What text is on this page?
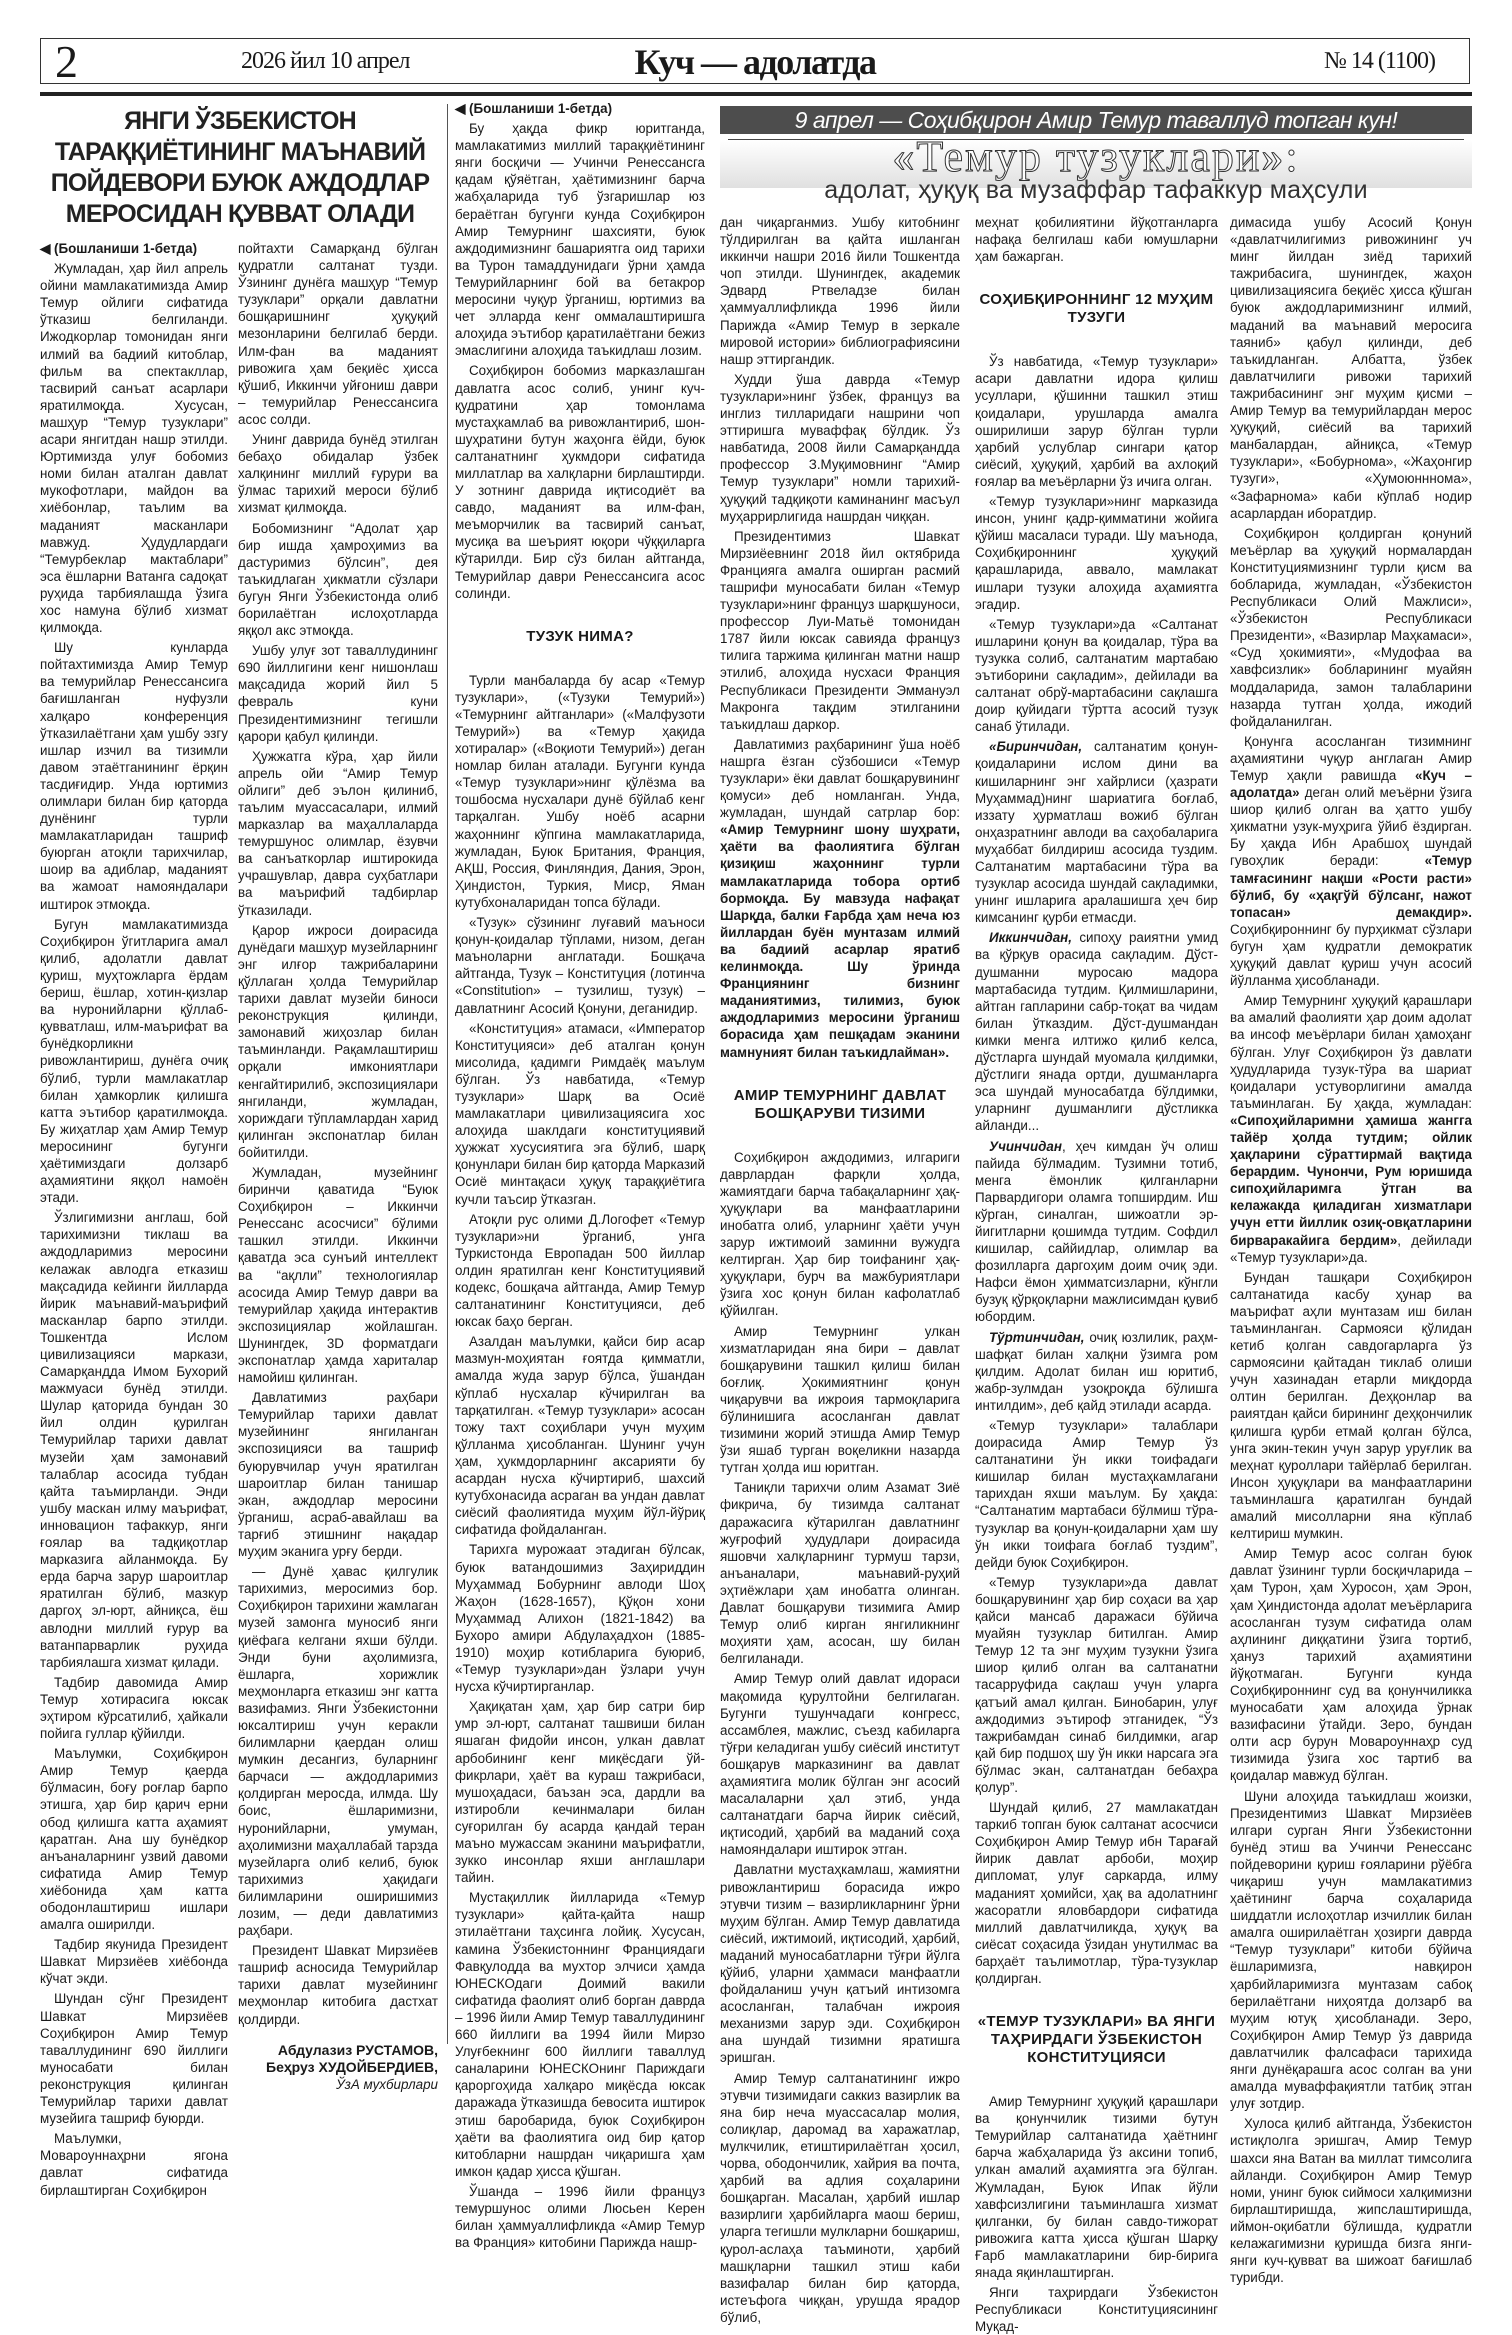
2	2026 йил 10 апрел	Куч — адолатда	№ 14 (1100)
ЯНГИ ЎЗБЕКИСТОН
ТАРАҚҚИЁТИНИНГ МАЪНАВИЙ
ПОЙДЕВОРИ БУЮК АЖДОДЛАР
МЕРОСИДАН ҚУВВАТ ОЛАДИ

◀ (Бошланиши 1-бетда)

Жумладан, ҳар йил апрель ойини мамлакатимизда Амир Темур ойлиги сифатида ўтказиш белгиланди. Ижодкорлар томонидан янги илмий ва бадиий китоблар, фильм ва спектакллар, тасвирий санъат асарлари яратилмоқда. Хусусан, машҳур “Темур тузуклари” асари янгитдан нашр этилди. Юртимизда улуғ бобомиз номи билан аталган давлат мукофотлари, майдон ва хиёбонлар, таълим ва маданият масканлари мавжуд. Ҳудудлардаги “Темурбеклар мактаблари” эса ёшларни Ватанга садоқат руҳида тарбиялашда ўзига хос намуна бўлиб хизмат қилмоқда.

Шу кунларда пойтахтимизда Амир Темур ва темурийлар Ренессансига бағишланган нуфузли халқаро конференция ўтказилаётгани ҳам ушбу эзгу ишлар изчил ва тизимли давом этаётганининг ёрқин тасдиғидир. Унда юртимиз олимлари билан бир қаторда дунёнинг турли мамлакатларидан ташриф буюрган атоқли тарихчилар, шоир ва адиблар, маданият ва жамоат намояндалари иштирок этмоқда.

Бугун мамлакатимизда Соҳибқирон ўгитларига амал қилиб, адолатли давлат қуриш, муҳтожларга ёрдам бериш, ёшлар, хотин-қизлар ва нуронийларни қўллаб-қувватлаш, илм-маърифат ва бунёдкорликни ривожлантириш, дунёга очиқ бўлиб, турли мамлакатлар билан ҳамкорлик қилишга катта эътибор қаратилмоқда. Бу жиҳатлар ҳам Амир Темур меросининг бугунги ҳаётимиздаги долзарб аҳамиятини яққол намоён этади.

Ўзлигимизни англаш, бой тарихимизни тиклаш ва аждодларимиз меросини келажак авлодга етказиш мақсадида кейинги йилларда йирик маънавий-маърифий масканлар барпо этилди. Тошкентда Ислом цивилизацияси маркази, Самарқандда Имом Бухорий мажмуаси бунёд этилди. Шулар қаторида бундан 30 йил олдин қурилган Темурийлар тарихи давлат музейи ҳам замонавий талаблар асосида тубдан қайта таъмирланди. Энди ушбу маскан илму маърифат, инновацион тафаккур, янги ғоялар ва тадқиқотлар марказига айланмоқда. Бу ерда барча зарур шароитлар яратилган бўлиб, мазкур даргоҳ эл-юрт, айниқса, ёш авлодни миллий ғурур ва ватанпарварлик руҳида тарбиялашга хизмат қилади.

Тадбир давомида Амир Темур хотирасига юксак эҳтиром кўрсатилиб, ҳайкали пойига гуллар қўйилди.

Маълумки, Соҳибқирон Амир Темур қаерда бўлмасин, боғу роғлар барпо этишга, ҳар бир қарич ерни обод қилишга катта аҳамият қаратган. Ана шу бунёдкор анъаналарнинг узвий давоми сифатида Амир Темур хиёбонида ҳам катта ободонлаштириш ишлари амалга оширилди.

Тадбир якунида Президент Шавкат Мирзиёев хиёбонда кўчат экди.

Шундан сўнг Президент Шавкат Мирзиёев Соҳибқирон Амир Темур таваллудининг 690 йиллиги муносабати билан реконструкция қилинган Темурийлар тарихи давлат музейига ташриф буюрди.

Маълумки, Мовароуннаҳрни ягона давлат сифатида бирлаштирган Соҳибқирон

пойтахти Самарқанд бўлган қудратли салтанат тузди. Ўзининг дунёга машҳур “Темур тузуклари” орқали давлатни бошқаришнинг ҳуқуқий мезонларини белгилаб берди. Илм-фан ва маданият ривожига ҳам беқиёс ҳисса қўшиб, Иккинчи уйғониш даври – темурийлар Ренессансига асос солди.

Унинг даврида бунёд этилган бебаҳо обидалар ўзбек халқининг миллий ғурури ва ўлмас тарихий мероси бўлиб хизмат қилмоқда.

Бобомизнинг “Адолат ҳар бир ишда ҳамроҳимиз ва дастуримиз бўлсин”, дея таъкидлаган ҳикматли сўзлари бугун Янги Ўзбекистонда олиб борилаётган ислоҳотларда яққол акс этмоқда.

Ушбу улуғ зот таваллудининг 690 йиллигини кенг нишонлаш мақсадида жорий йил 5 февраль куни Президентимизнинг тегишли қарори қабул қилинди.

Ҳужжатга кўра, ҳар йили апрель ойи “Амир Темур ойлиги” деб эълон қилиниб, таълим муассасалари, илмий марказлар ва маҳаллаларда темуршунос олимлар, ёзувчи ва санъаткорлар иштирокида учрашувлар, давра суҳбатлари ва маърифий тадбирлар ўтказилади.

Қарор ижроси доирасида дунёдаги машҳур музейларнинг энг илғор тажрибаларини қўллаган ҳолда Темурийлар тарихи давлат музейи биноси реконструкция қилинди, замонавий жиҳозлар билан таъминланди. Рақамлаштириш орқали имкониятлари кенгайтирилиб, экспозициялари янгиланди, жумладан, хориждаги тўпламлардан харид қилинган экспонатлар билан бойитилди.

Жумладан, музейнинг биринчи қаватида “Буюк Соҳибқирон – Иккинчи Ренессанс асосчиси” бўлими ташкил этилди. Иккинчи қаватда эса сунъий интеллект ва “ақлли” технологиялар асосида Амир Темур даври ва темурийлар ҳақида интерактив экспозициялар жойлашган. Шунингдек, 3D форматдаги экспонатлар ҳамда хариталар намойиш қилинган.

Давлатимиз раҳбари Темурийлар тарихи давлат музейининг янгиланган экспозицияси ва ташриф буюрувчилар учун яратилган шароитлар билан танишар экан, аждодлар меросини ўрганиш, асраб-авайлаш ва тарғиб этишнинг нақадар муҳим эканига урғу берди.

— Дунё ҳавас қилгулик тарихимиз, меросимиз бор. Соҳибқирон тарихини жамлаган музей замонга муносиб янги қиёфага келгани яхши бўлди. Энди буни аҳолимизга, ёшларга, хорижлик меҳмонларга етказиш энг катта вазифамиз. Янги Ўзбекистонни юксалтириш учун керакли билимларни қаердан олиш мумкин десангиз, буларнинг барчаси — аждодларимиз қолдирган меросда, илмда. Шу боис, ёшларимизни, нуронийларни, умуман, аҳолимизни маҳаллабай тарзда музейларга олиб келиб, буюк тарихимиз ҳақидаги билимларини оширишимиз лозим, — деди давлатимиз раҳбари.

Президент Шавкат Мирзиёев ташриф асносида Темурийлар тарихи давлат музейининг меҳмонлар китобига дастхат қолдирди.

Абдулазиз РУСТАМОВ,
Беҳруз ХУДОЙБЕРДИЕВ,
ЎзА мухбирлари

9 апрел — Соҳибқирон Амир Темур таваллуд топган кун!
«Темур тузуклари»:
адолат, ҳуқуқ ва музаффар тафаккур маҳсули

◀ (Бошланиши 1-бетда)

Бу ҳақда фикр юритганда, мамлакатимиз миллий тараққиётининг янги босқичи — Учинчи Ренессансга қадам қўяётган, ҳаётимизнинг барча жабҳаларида туб ўзгаришлар юз бераётган бугунги кунда Соҳибқирон Амир Темурнинг шахсияти, буюк аждодимизнинг башариятга оид тарихи ва Турон тамаддунидаги ўрни ҳамда Темурийларнинг бой ва бетакрор меросини чуқур ўрганиш, юртимиз ва чет элларда кенг оммалаштиришга алоҳида эътибор қаратилаётгани бежиз эмаслигини алоҳида таъкидлаш лозим.

Соҳибқирон бобомиз марказлашган давлатга асос солиб, унинг куч-қудратини ҳар томонлама мустаҳкамлаб ва ривожлантириб, шон-шуҳратини бутун жаҳонга ёйди, буюк салтанатнинг ҳукмдори сифатида миллатлар ва халқларни бирлаштирди. У зотнинг даврида иқтисодиёт ва савдо, маданият ва илм-фан, меъморчилик ва тасвирий санъат, мусиқа ва шеърият юқори чўққиларга кўтарилди. Бир сўз билан айтганда, Темурийлар даври Ренессансига асос солинди.

ТУЗУК НИМА?

Турли манбаларда бу асар «Темур тузуклари», («Тузуки Темурий») «Темурнинг айтганлари» («Малфузоти Темурий») ва «Темур ҳақида хотиралар» («Воқиоти Темурий») деган номлар билан аталади. Бугунги кунда «Темур тузуклари»нинг қўлёзма ва тошбосма нусхалари дунё бўйлаб кенг тарқалган. Ушбу ноёб асарни жаҳоннинг кўпгина мамлакатларида, жумладан, Буюк Британия, Франция, АҚШ, Россия, Финляндия, Дания, Эрон, Ҳиндистон, Туркия, Миср, Яман кутубхоналаридан топса бўлади.

«Тузук» сўзининг луғавий маъноси қонун-қоидалар тўплами, низом, деган маъноларни англатади. Бошқача айтганда, Тузук – Конституция (лотинча «Constitution» – тузилиш, тузук) – давлатнинг Асосий Қонуни, деганидир.

«Конституция» атамаси, «Император Конституцияси» деб аталган қонун мисолида, қадимги Римдаёқ маълум бўлган. Ўз навбатида, «Темур тузуклари» Шарқ ва Осиё мамлакатлари цивилизациясига хос алоҳида шаклдаги конституциявий ҳужжат хусусиятига эга бўлиб, шарқ қонунлари билан бир қаторда Марказий Осиё минтақаси ҳуқуқ тараққиётига кучли таъсир ўтказган.

Атоқли рус олими Д.Логофет «Темур тузуклари»ни ўрганиб, унга Туркистонда Европадан 500 йиллар олдин яратилган кенг Конституциявий кодекс, бошқача айтганда, Амир Темур салтанатининг Конституцияси, деб юксак баҳо берган.

Азалдан маълумки, қайси бир асар мазмун-моҳиятан ғоятда қимматли, амалда жуда зарур бўлса, ўшандан кўплаб нусхалар кўчирилган ва тарқатилган. «Темур тузуклари» асосан тожу тахт соҳиблари учун муҳим қўлланма ҳисобланган. Шунинг учун ҳам, ҳукмдорларнинг аксарияти бу асардан нусха кўчиртириб, шахсий кутубхонасида асраган ва ундан давлат сиёсий фаолиятида муҳим йўл-йўриқ сифатида фойдаланган.

Тарихга мурожаат этадиган бўлсак, буюк ватандошимиз Заҳириддин Муҳаммад Бобурнинг авлоди Шоҳ Жаҳон (1628-1657), Қўқон хони Муҳаммад Алихон (1821-1842) ва Бухоро амири Абдулаҳадхон (1885-1910) моҳир котибларига буюриб, «Темур тузуклари»дан ўзлари учун нусха кўчиртирганлар.

Ҳақиқатан ҳам, ҳар бир сатри бир умр эл-юрт, салтанат ташвиши билан яшаган фидойи инсон, улкан давлат арбобининг кенг миқёсдаги ўй-фикрлари, ҳаёт ва кураш тажрибаси, мушоҳадаси, баъзан эса, дардли ва изтиробли кечинмалари билан суғорилган бу асарда қандай теран маъно мужассам эканини маърифатли, зукко инсонлар яхши англашлари тайин.

Мустақиллик йилларида «Темур тузуклари» қайта-қайта нашр этилаётгани таҳсинга лойиқ. Хусусан, камина Ўзбекистоннинг Франциядаги Фавқулодда ва мухтор элчиси ҳамда ЮНЕСКОдаги Доимий вакили сифатида фаолият олиб борган даврда – 1996 йили Амир Темур таваллудининг 660 йиллиги ва 1994 йили Мирзо Улуғбекнинг 600 йиллиги таваллуд саналарини ЮНЕСКОнинг Париждаги қароргоҳида халқаро миқёсда юксак даражада ўтказишда бевосита иштирок этиш баробарида, буюк Соҳибқирон ҳаёти ва фаолиятига оид бир қатор китобларни нашрдан чиқаришга ҳам имкон қадар ҳисса қўшган.

Ўшанда – 1996 йили француз темуршунос олими Люсьен Керен билан ҳаммуаллифликда «Амир Темур ва Франция» китобини Парижда нашр-

дан чиқарганмиз. Ушбу китобнинг тўлдирилган ва қайта ишланган иккинчи нашри 2016 йили Тошкентда чоп этилди. Шунингдек, академик Эдвард Ртвеладзе билан ҳаммуаллифликда 1996 йили Парижда «Амир Темур в зеркале мировой истории» библиографиясини нашр эттиргандик.

Худди ўша даврда «Темур тузуклари»нинг ўзбек, француз ва инглиз тилларидаги нашрини чоп эттиришга муваффақ бўлдик. Ўз навбатида, 2008 йили Самарқандда профессор З.Муқимовнинг “Амир Темур тузуклари” номли тарихий-ҳуқуқий тадқиқоти каминанинг масъул муҳаррирлигида нашрдан чиққан.

Президентимиз Шавкат Мирзиёевнинг 2018 йил октябрида Францияга амалга оширган расмий ташрифи муносабати билан «Темур тузуклари»нинг француз шарқшуноси, профессор Луи-Матьё томонидан 1787 йили юксак савияда француз тилига таржима қилинган матни нашр этилиб, алоҳида нусхаси Франция Республикаси Президенти Эммануэл Макронга тақдим этилганини таъкидлаш даркор.

Давлатимиз раҳбарининг ўша ноёб нашрга ёзган сўзбошиси «Темур тузуклари» ёки давлат бошқарувининг қомуси» деб номланган. Унда, жумладан, шундай сатрлар бор: «Амир Темурнинг шону шуҳрати, ҳаёти ва фаолиятига бўлган қизиқиш жаҳоннинг турли мамлакатларида тобора ортиб бормоқда. Бу мавзуда нафақат Шарқда, балки Ғарбда ҳам неча юз йиллардан буён мунтазам илмий ва бадиий асарлар яратиб келинмоқда. Шу ўринда Франциянинг бизнинг маданиятимиз, тилимиз, буюк аждодларимиз меросини ўрганиш борасида ҳам пешқадам эканини мамнуният билан таъкидлайман».

АМИР ТЕМУРНИНГ ДАВЛАТ БОШҚАРУВИ ТИЗИМИ

Соҳибқирон аждодимиз, илгариги даврлардан фарқли ҳолда, жамиятдаги барча табақаларнинг ҳақ-ҳуқуқлари ва манфаатларини инобатга олиб, уларнинг ҳаёти учун зарур ижтимоий заминни вужудга келтирган. Ҳар бир тоифанинг ҳақ-ҳуқуқлари, бурч ва мажбуриятлари ўзига хос қонун билан кафолатлаб қўйилган.

Амир Темурнинг улкан хизматларидан яна бири – давлат бошқарувини ташкил қилиш билан боғлиқ. Ҳокимиятнинг қонун чиқарувчи ва ижроия тармоқларига бўлинишига асосланган давлат тизимини жорий этишда Амир Темур ўзи яшаб турган воқеликни назарда тутган ҳолда иш юритган.

Таниқли тарихчи олим Азамат Зиё фикрича, бу тизимда салтанат даражасига кўтарилган давлатнинг жуғрофий ҳудудлари доирасида яшовчи халқларнинг турмуш тарзи, анъаналари, маънавий-руҳий эҳтиёжлари ҳам инобатга олинган. Давлат бошқаруви тизимига Амир Темур олиб кирган янгиликнинг моҳияти ҳам, асосан, шу билан белгиланади.

Амир Темур олий давлат идораси мақомида қурултойни белгилаган. Бугунги тушунчадаги конгресс, ассамблея, мажлис, съезд кабиларга тўғри келадиган ушбу сиёсий институт бошқарув марказининг ва давлат аҳамиятига молик бўлган энг асосий масалаларни ҳал этиб, унда салтанатдаги барча йирик сиёсий, иқтисодий, ҳарбий ва маданий соҳа намояндалари иштирок этган.

Давлатни мустаҳкамлаш, жамиятни ривожлантириш борасида ижро этувчи тизим – вазирликларнинг ўрни муҳим бўлган. Амир Темур давлатида сиёсий, ижтимоий, иқтисодий, ҳарбий, маданий муносабатларни тўғри йўлга қўйиб, уларни ҳаммаси манфаатли фойдаланиш учун қатъий интизомга асосланган, талабчан ижроия механизми зарур эди. Соҳибқирон ана шундай тизимни яратишга эришган.

Амир Темур салтанатининг ижро этувчи тизимидаги саккиз вазирлик ва яна бир неча муассасалар молия, солиқлар, даромад ва харажатлар, мулкчилик, етиштирилаётган ҳосил, чорва, ободончилик, хайрия ва почта, ҳарбий ва адлия соҳаларини бошқарган. Масалан, ҳарбий ишлар вазирлиги ҳарбийларга маош бериш, уларга тегишли мулкларни бошқариш, қурол-аслаҳа таъминоти, ҳарбий машқларни ташкил этиш каби вазифалар билан бир қаторда, истеъфога чиққан, урушда ярадор бўлиб,

меҳнат қобилиятини йўқотганларга нафақа белгилаш каби юмушларни ҳам бажарган.

СОҲИБҚИРОННИНГ 12 МУҲИМ ТУЗУГИ

Ўз навбатида, «Темур тузуклари» асари давлатни идора қилиш усуллари, қўшинни ташкил этиш қоидалари, урушларда амалга оширилиши зарур бўлган турли ҳарбий услублар сингари қатор сиёсий, ҳуқуқий, ҳарбий ва ахлоқий ғоялар ва меъёрларни ўз ичига олган.

«Темур тузуклари»нинг марказида инсон, унинг қадр-қимматини жойига қўйиш масаласи туради. Шу маънода, Соҳибқироннинг ҳуқуқий қарашларида, аввало, мамлакат ишлари тузуки алоҳида аҳамиятга эгадир.

«Темур тузуклари»да «Салтанат ишларини қонун ва қоидалар, тўра ва тузукка солиб, салтанатим мартабаю эътиборини сақладим», дейилади ва салтанат обрў-мартабасини сақлашга доир қуйидаги тўртта асосий тузук санаб ўтилади.

«Биринчидан, салтанатим қонун-қоидаларини ислом дини ва кишиларнинг энг хайрлиси (ҳазрати Муҳаммад)нинг шариатига боғлаб, иззату ҳурматлаш вожиб бўлган онҳазратнинг авлоди ва саҳобаларига муҳаббат билдириш асосида туздим. Салтанатим мартабасини тўра ва тузуклар асосида шундай сақладимки, унинг ишларига аралашишга ҳеч бир кимсанинг қурби етмасди.

Иккинчидан, сипоҳу раиятни умид ва қўрқув орасида сақладим. Дўст-душманни муросаю мадора мартабасида тутдим. Қилмишларини, айтган гапларини сабр-тоқат ва чидам билан ўтказдим. Дўст-душмандан кимки менга илтижо қилиб келса, дўстларга шундай муомала қилдимки, дўстлиги янада ортди, душманларга эса шундай муносабатда бўлдимки, уларнинг душманлиги дўстликка айланди...

Учинчидан, ҳеч кимдан ўч олиш пайида бўлмадим. Тузимни тотиб, менга ёмонлик қилганларни Парвардигори оламга топширдим. Иш кўрган, синалган, шижоатли эр-йигитларни қошимда тутдим. Софдил кишилар, саййидлар, олимлар ва фозилларга даргоҳим доим очиқ эди. Нафси ёмон ҳимматсизларни, кўнгли бузуқ қўрқоқларни мажлисимдан қувиб юбордим.

Тўртинчидан, очиқ юзлилик, раҳм-шафқат билан халқни ўзимга ром қилдим. Адолат билан иш юритиб, жабр-зулмдан узоқроқда бўлишга интилдим», деб қайд этилади асарда.

«Темур тузуклари» талаблари доирасида Амир Темур ўз салтанатини ўн икки тоифадаги кишилар билан мустаҳкамлагани тарихдан яхши маълум. Бу ҳақда: “Салтанатим мартабаси бўлмиш тўра-тузуклар ва қонун-қоидаларни ҳам шу ўн икки тоифага боғлаб туздим”, дейди буюк Соҳибқирон.

«Темур тузуклари»да давлат бошқарувининг ҳар бир соҳаси ва ҳар қайси мансаб даражаси бўйича муайян тузуклар битилган. Амир Темур 12 та энг муҳим тузукни ўзига шиор қилиб олган ва салтанатни тасарруфида сақлаш учун уларга қатъий амал қилган. Бинобарин, улуғ аждодимиз эътироф этганидек, “Ўз тажрибамдан синаб билдимки, агар қай бир подшоҳ шу ўн икки нарсага эга бўлмас экан, салтанатдан бебаҳра қолур”.

Шундай қилиб, 27 мамлакатдан таркиб топган буюк салтанат асосчиси Соҳибқирон Амир Темур ибн Тарағай йирик давлат арбоби, моҳир дипломат, улуғ саркарда, илму маданият ҳомийси, ҳақ ва адолатнинг жасоратли яловбардори сифатида миллий давлатчиликда, ҳуқуқ ва сиёсат соҳасида ўзидан унутилмас ва барҳаёт таълимотлар, тўра-тузуклар қолдирган.

«ТЕМУР ТУЗУКЛАРИ» ВА ЯНГИ ТАҲРИРДАГИ ЎЗБЕКИСТОН КОНСТИТУЦИЯСИ

Амир Темурнинг ҳуқуқий қарашлари ва қонунчилик тизими бутун Темурийлар салтанатида ҳаётнинг барча жабҳаларида ўз аксини топиб, улкан амалий аҳамиятга эга бўлган. Жумладан, Буюк Ипак йўли хавфсизлигини таъминлашга хизмат қилганки, бу билан савдо-тижорат ривожига катта ҳисса қўшган Шарқу Ғарб мамлакатларини бир-бирига янада яқинлаштирган.

Янги таҳрирдаги Ўзбекистон Республикаси Конституциясининг Муқад-

димасида ушбу Асосий Қонун «давлатчилигимиз ривожининг уч минг йилдан зиёд тарихий тажрибасига, шунингдек, жаҳон цивилизациясига беқиёс ҳисса қўшган буюк аждодларимизнинг илмий, маданий ва маънавий меросига таяниб» қабул қилинди, деб таъкидланган. Албатта, ўзбек давлатчилиги ривожи тарихий тажрибасининг энг муҳим қисми – Амир Темур ва темурийлардан мерос ҳуқуқий, сиёсий ва тарихий манбалардан, айниқса, «Темур тузуклари», «Бобурнома», «Жаҳонгир тузуги», «Ҳумоюнннома», «Зафарнома» каби кўплаб нодир асарлардан иборатдир.

Соҳибқирон қолдирган қонуний меъёрлар ва ҳуқуқий нормалардан Конституциямизнинг турли қисм ва бобларида, жумладан, «Ўзбекистон Республикаси Олий Мажлиси», «Ўзбекистон Республикаси Президенти», «Вазирлар Маҳкамаси», «Суд ҳокимияти», «Мудофаа ва хавфсизлик» бобларининг муайян моддаларида, замон талабларини назарда тутган ҳолда, ижодий фойдаланилган.

Қонунга асосланган тизимнинг аҳамиятини чуқур англаган Амир Темур ҳақли равишда «Куч – адолатда» деган олий меъёрни ўзига шиор қилиб олган ва ҳатто ушбу ҳикматни узук-муҳрига ўйиб ёздирган. Бу ҳақда Ибн Арабшоҳ шундай гувоҳлик беради: «Темур тамғасининг нақши «Рости расти» бўлиб, бу «ҳақгўй бўлсанг, нажот топасан» демакдир». Соҳибқироннинг бу пурҳикмат сўзлари бугун ҳам қудратли демократик ҳуқуқий давлат қуриш учун асосий йўлланма ҳисобланади.

Амир Темурнинг ҳуқуқий қарашлари ва амалий фаолияти ҳар доим адолат ва инсоф меъёрлари билан ҳамоҳанг бўлган. Улуғ Соҳибқирон ўз давлати ҳудудларида тузук-тўра ва шариат қоидалари устуворлигини амалда таъминлаган. Бу ҳақда, жумладан: «Сипоҳийларимни ҳамиша жангга тайёр ҳолда тутдим; ойлик ҳақларини сўраттирмай вақтида берардим. Чунончи, Рум юришида сипоҳийларимга ўтган ва келажакда қиладиган хизматлари учун етти йиллик озиқ-овқатларини бирваракайига бердим», дейилади «Темур тузуклари»да.

Бундан ташқари Соҳибқирон салтанатида касбу ҳунар ва маърифат аҳли мунтазам иш билан таъминланган. Сармояси қўлидан кетиб қолган савдогарларга ўз сармоясини қайтадан тиклаб олиши учун хазинадан етарли миқдорда олтин берилган. Деҳқонлар ва раиятдан қайси бирининг деҳқончилик қилишга қурби етмай қолган бўлса, унга экин-текин учун зарур уруғлик ва меҳнат қуроллари тайёрлаб берилган. Инсон ҳуқуқлари ва манфаатларини таъминлашга қаратилган бундай амалий мисолларни яна кўплаб келтириш мумкин.

Амир Темур асос солган буюк давлат ўзининг турли босқичларида – ҳам Турон, ҳам Хуросон, ҳам Эрон, ҳам Ҳиндистонда адолат меъёрларига асосланган тузум сифатида олам аҳлининг диққатини ўзига тортиб, ҳануз тарихий аҳамиятини йўқотмаган. Бугунги кунда Соҳибқироннинг суд ва қонунчиликка муносабати ҳам алоҳида ўрнак вазифасини ўтайди. Зеро, бундан олти аср бурун Мовароуннаҳр суд тизимида ўзига хос тартиб ва қоидалар мавжуд бўлган.

Шуни алоҳида таъкидлаш жоизки, Президентимиз Шавкат Мирзиёев илгари сурган Янги Ўзбекистонни бунёд этиш ва Учинчи Ренессанс пойдеворини қуриш ғояларини рўёбга чиқариш учун мамлакатимиз ҳаётининг барча соҳаларида шиддатли ислоҳотлар изчиллик билан амалга оширилаётган ҳозирги даврда “Темур тузуклари” китоби бўйича ёшларимизга, навқирон ҳарбийларимизга мунтазам сабоқ берилаётгани ниҳоятда долзарб ва муҳим ютуқ ҳисобланади. Зеро, Соҳибқирон Амир Темур ўз даврида давлатчилик фалсафаси тарихида янги дунёқарашга асос солган ва уни амалда муваффақиятли татбиқ этган улуғ зотдир.

Хулоса қилиб айтганда, Ўзбекистон истиқлолга эришгач, Амир Темур шахси яна Ватан ва миллат тимсолига айланди. Соҳибқирон Амир Темур номи, унинг буюк сиймоси халқимизни бирлаштиришда, жипслаштиришда, иймон-оқибатли бўлишда, қудратли келажагимизни қуришда бизга янги-янги куч-қувват ва шижоат бағишлаб турибди.
